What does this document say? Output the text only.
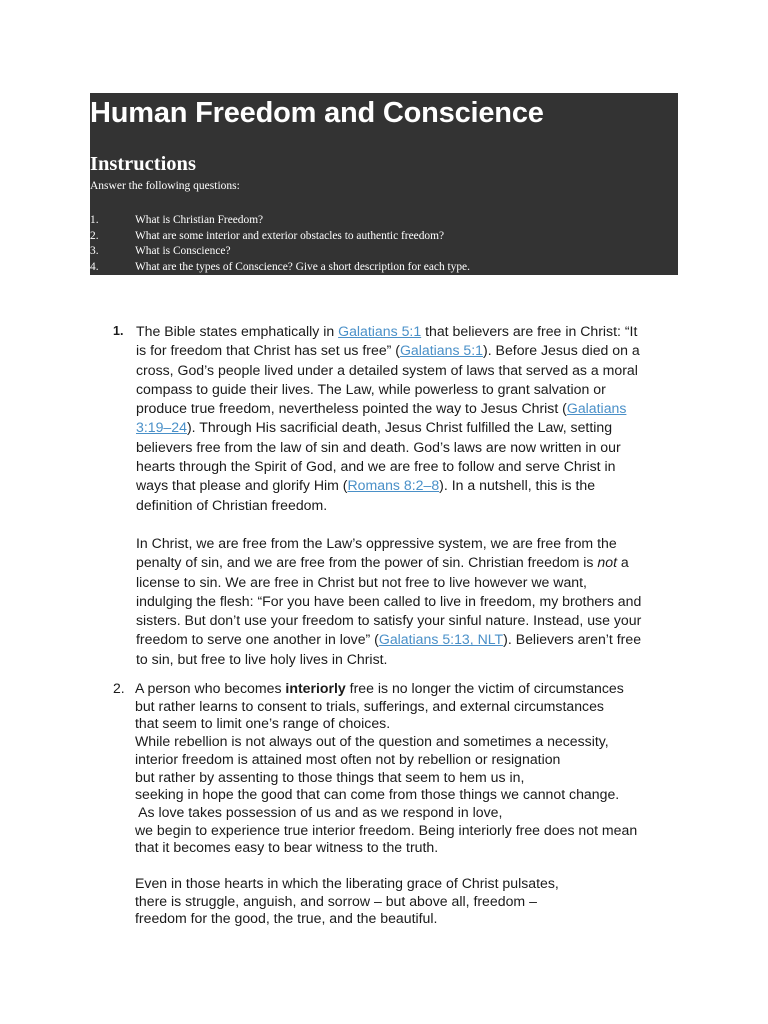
Human Freedom and Conscience
Instructions

Answer the following questions:

1.	What is Christian Freedom?
2.	What are some interior and exterior obstacles to authentic freedom?
3.	What is Conscience?
4.	What are the types of Conscience? Give a short description for each type.
1. The Bible states emphatically in Galatians 5:1 that believers are free in Christ: “It
is for freedom that Christ has set us free” (Galatians 5:1). Before Jesus died on a
cross, God’s people lived under a detailed system of laws that served as a moral
compass to guide their lives. The Law, while powerless to grant salvation or
produce true freedom, nevertheless pointed the way to Jesus Christ (Galatians
3:19–24). Through His sacrificial death, Jesus Christ fulfilled the Law, setting
believers free from the law of sin and death. God’s laws are now written in our
hearts through the Spirit of God, and we are free to follow and serve Christ in
ways that please and glorify Him (Romans 8:2–8). In a nutshell, this is the
definition of Christian freedom.

In Christ, we are free from the Law’s oppressive system, we are free from the
penalty of sin, and we are free from the power of sin. Christian freedom is not a
license to sin. We are free in Christ but not free to live however we want,
indulging the flesh: “For you have been called to live in freedom, my brothers and
sisters. But don’t use your freedom to satisfy your sinful nature. Instead, use your
freedom to serve one another in love” (Galatians 5:13, NLT). Believers aren’t free
to sin, but free to live holy lives in Christ.

2. A person who becomes interiorly free is no longer the victim of circumstances
but rather learns to consent to trials, sufferings, and external circumstances
that seem to limit one’s range of choices.
While rebellion is not always out of the question and sometimes a necessity,
interior freedom is attained most often not by rebellion or resignation
but rather by assenting to those things that seem to hem us in,
seeking in hope the good that can come from those things we cannot change.
As love takes possession of us and as we respond in love,
we begin to experience true interior freedom. Being interiorly free does not mean
that it becomes easy to bear witness to the truth.

Even in those hearts in which the liberating grace of Christ pulsates,
there is struggle, anguish, and sorrow – but above all, freedom –
freedom for the good, the true, and the beautiful.
